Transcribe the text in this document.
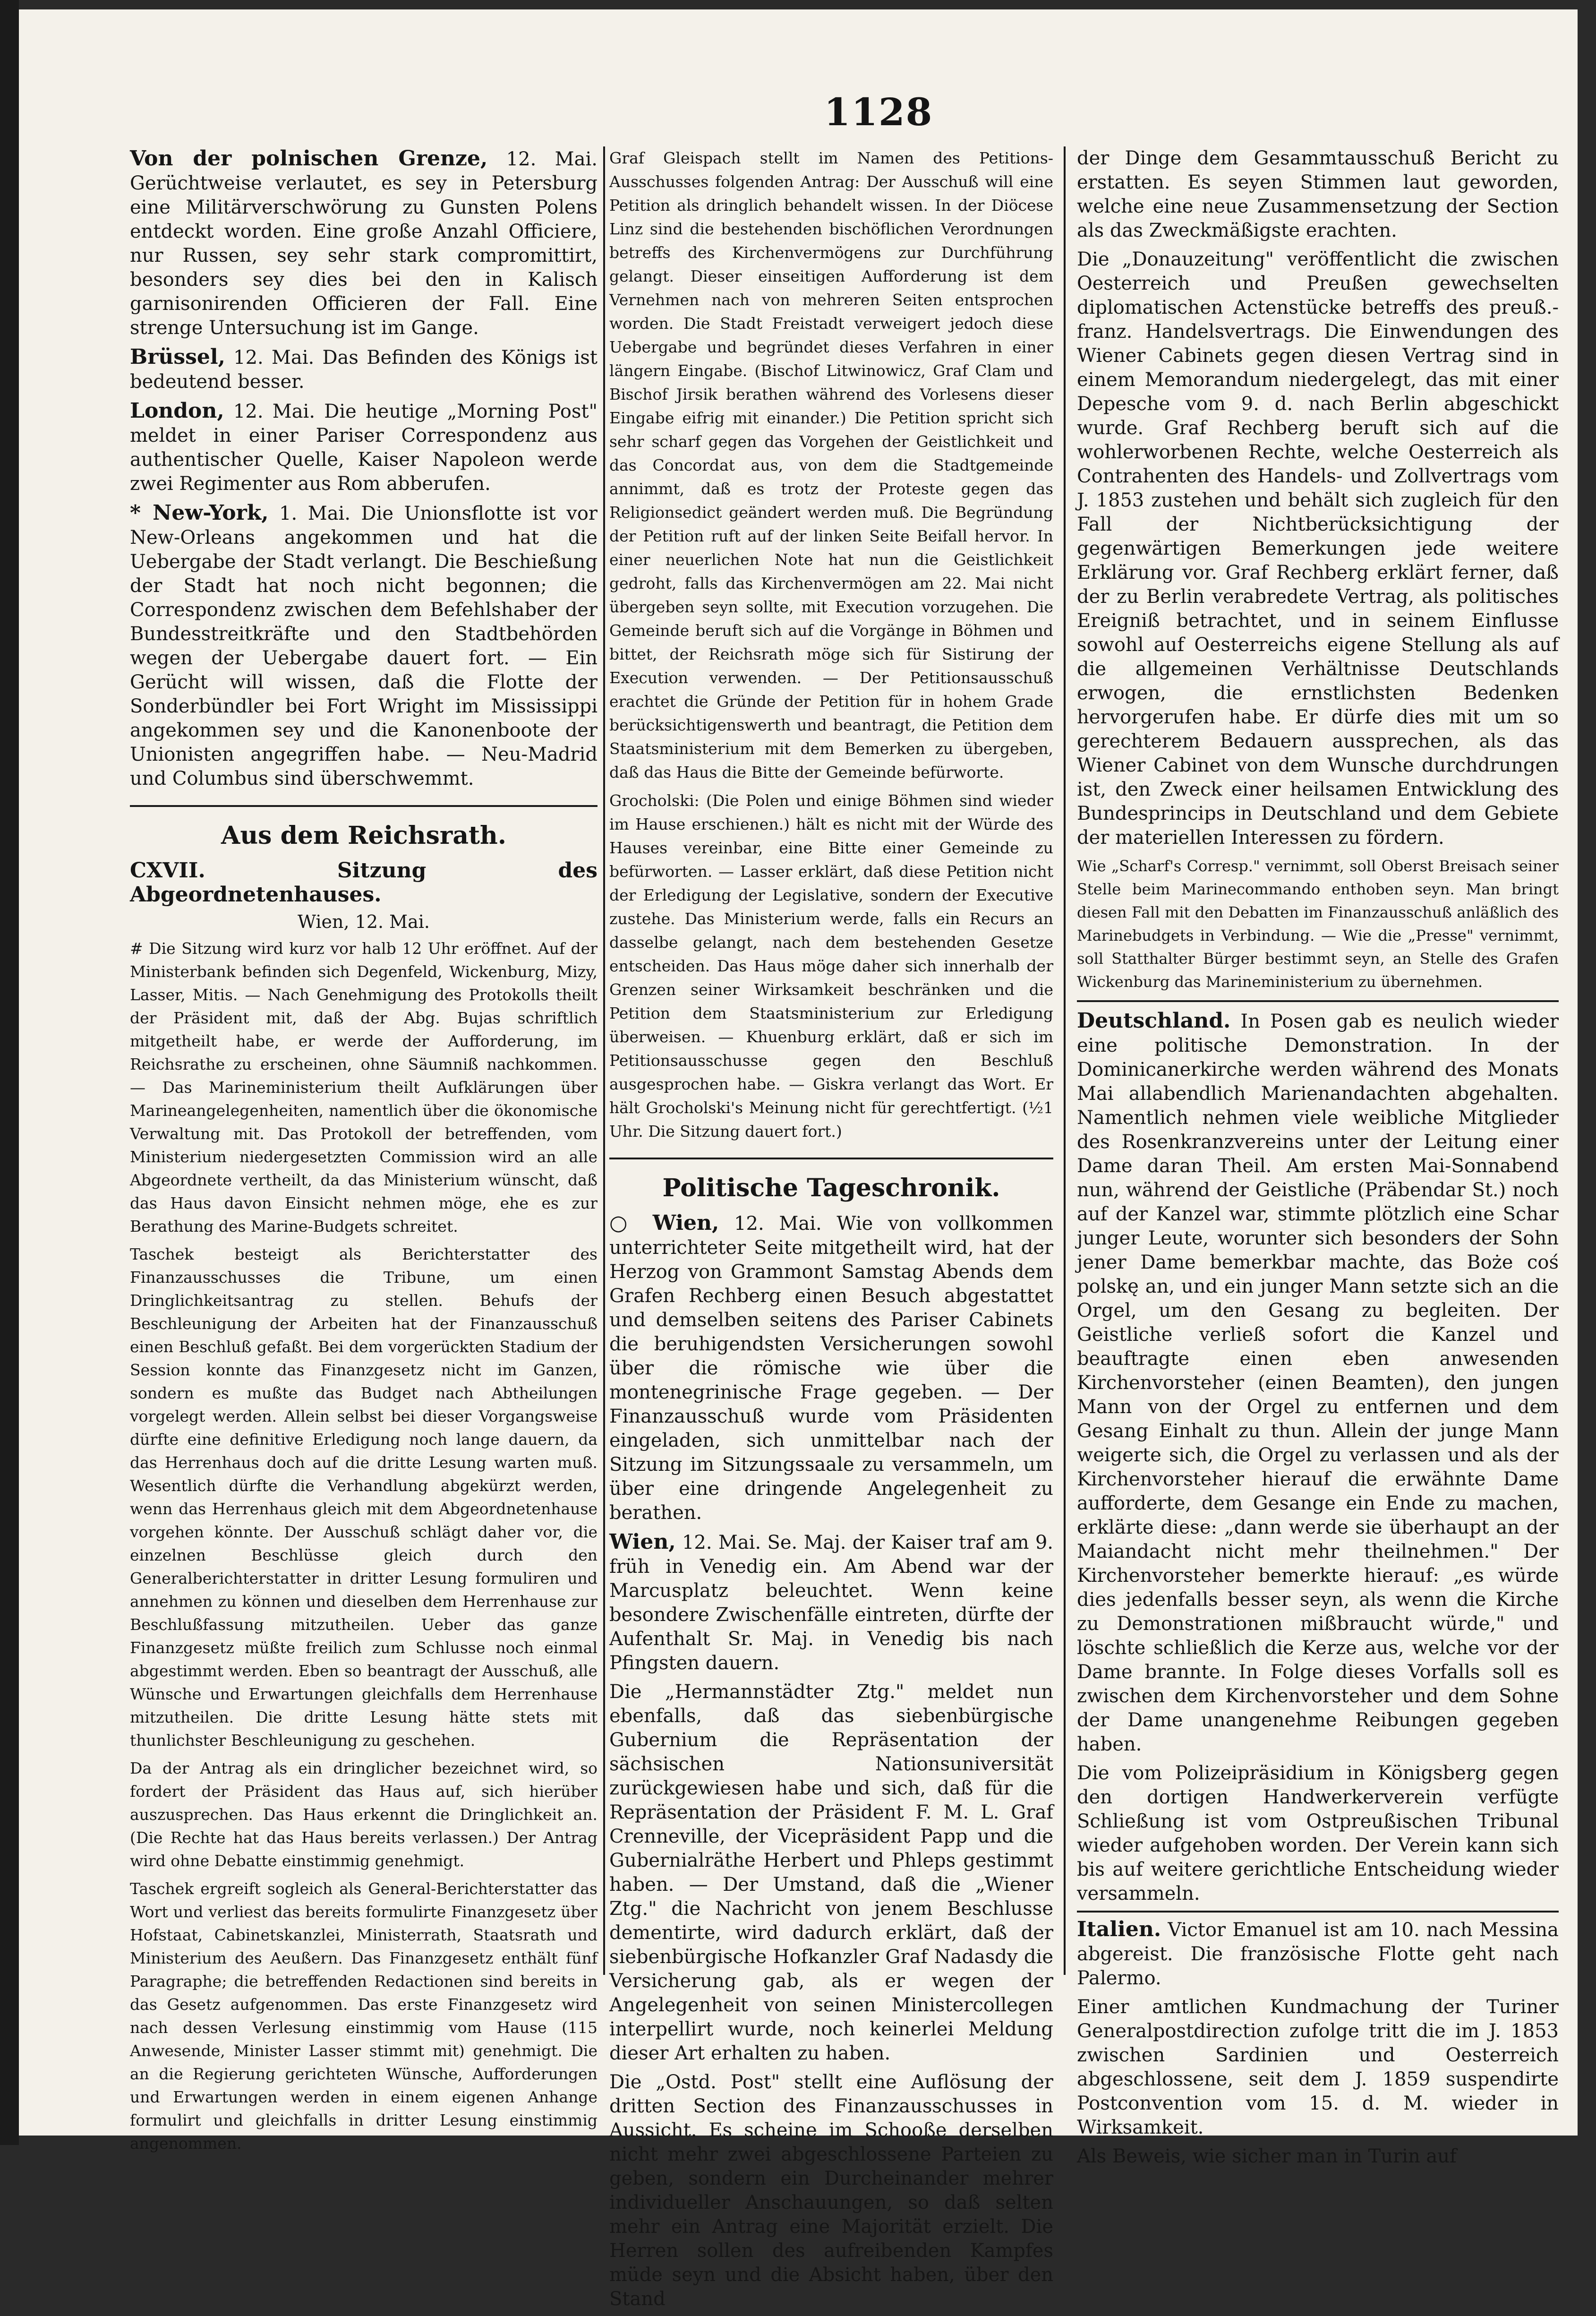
1128

Von der polnischen Grenze, 12. Mai. Gerüchtweise verlautet, es sey in Petersburg eine Militärverschwörung zu Gunsten Polens entdeckt worden. Eine große Anzahl Officiere, nur Russen, sey sehr stark compromittirt, besonders sey dies bei den in Kalisch garnisonirenden Officieren der Fall. Eine strenge Untersuchung ist im Gange.

Brüssel, 12. Mai. Das Befinden des Königs ist bedeutend besser.

London, 12. Mai. Die heutige „Morning Post" meldet in einer Pariser Correspondenz aus authentischer Quelle, Kaiser Napoleon werde zwei Regimenter aus Rom abberufen.

* New-York, 1. Mai. Die Unionsflotte ist vor New-Orleans angekommen und hat die Uebergabe der Stadt verlangt. Die Beschießung der Stadt hat noch nicht begonnen; die Correspondenz zwischen dem Befehlshaber der Bundesstreitkräfte und den Stadtbehörden wegen der Uebergabe dauert fort. — Ein Gerücht will wissen, daß die Flotte der Sonderbündler bei Fort Wright im Mississippi angekommen sey und die Kanonenboote der Unionisten angegriffen habe. — Neu-Madrid und Columbus sind überschwemmt.

Aus dem Reichsrath.
CXVII. Sitzung des Abgeordnetenhauses.
Wien, 12. Mai.

# Die Sitzung wird kurz vor halb 12 Uhr eröffnet. Auf der Ministerbank befinden sich Degenfeld, Wickenburg, Mizy, Lasser, Mitis. — Nach Genehmigung des Protokolls theilt der Präsident mit, daß der Abg. Bujas schriftlich mitgetheilt habe, er werde der Aufforderung, im Reichsrathe zu erscheinen, ohne Säumniß nachkommen. — Das Marineministerium theilt Aufklärungen über Marineangelegenheiten, namentlich über die ökonomische Verwaltung mit. Das Protokoll der betreffenden, vom Ministerium niedergesetzten Commission wird an alle Abgeordnete vertheilt, da das Ministerium wünscht, daß das Haus davon Einsicht nehmen möge, ehe es zur Berathung des Marine-Budgets schreitet.

Taschek besteigt als Berichterstatter des Finanzausschusses die Tribune, um einen Dringlichkeitsantrag zu stellen. Behufs der Beschleunigung der Arbeiten hat der Finanzausschuß einen Beschluß gefaßt. Bei dem vorgerückten Stadium der Session konnte das Finanzgesetz nicht im Ganzen, sondern es mußte das Budget nach Abtheilungen vorgelegt werden. Allein selbst bei dieser Vorgangsweise dürfte eine definitive Erledigung noch lange dauern, da das Herrenhaus doch auf die dritte Lesung warten muß. Wesentlich dürfte die Verhandlung abgekürzt werden, wenn das Herrenhaus gleich mit dem Abgeordnetenhause vorgehen könnte. Der Ausschuß schlägt daher vor, die einzelnen Beschlüsse gleich durch den Generalberichterstatter in dritter Lesung formuliren und annehmen zu können und dieselben dem Herrenhause zur Beschlußfassung mitzutheilen. Ueber das ganze Finanzgesetz müßte freilich zum Schlusse noch einmal abgestimmt werden. Eben so beantragt der Ausschuß, alle Wünsche und Erwartungen gleichfalls dem Herrenhause mitzutheilen. Die dritte Lesung hätte stets mit thunlichster Beschleunigung zu geschehen.

Da der Antrag als ein dringlicher bezeichnet wird, so fordert der Präsident das Haus auf, sich hierüber auszusprechen. Das Haus erkennt die Dringlichkeit an. (Die Rechte hat das Haus bereits verlassen.) Der Antrag wird ohne Debatte einstimmig genehmigt.

Taschek ergreift sogleich als General-Berichterstatter das Wort und verliest das bereits formulirte Finanzgesetz über Hofstaat, Cabinetskanzlei, Ministerrath, Staatsrath und Ministerium des Aeußern. Das Finanzgesetz enthält fünf Paragraphe; die betreffenden Redactionen sind bereits in das Gesetz aufgenommen. Das erste Finanzgesetz wird nach dessen Verlesung einstimmig vom Hause (115 Anwesende, Minister Lasser stimmt mit) genehmigt. Die an die Regierung gerichteten Wünsche, Aufforderungen und Erwartungen werden in einem eigenen Anhange formulirt und gleichfalls in dritter Lesung einstimmig angenommen.

Graf Gleispach stellt im Namen des Petitions-Ausschusses folgenden Antrag: Der Ausschuß will eine Petition als dringlich behandelt wissen. In der Diöcese Linz sind die bestehenden bischöflichen Verordnungen betreffs des Kirchenvermögens zur Durchführung gelangt. Dieser einseitigen Aufforderung ist dem Vernehmen nach von mehreren Seiten entsprochen worden. Die Stadt Freistadt verweigert jedoch diese Uebergabe und begründet dieses Verfahren in einer längern Eingabe. (Bischof Litwinowicz, Graf Clam und Bischof Jirsik berathen während des Vorlesens dieser Eingabe eifrig mit einander.) Die Petition spricht sich sehr scharf gegen das Vorgehen der Geistlichkeit und das Concordat aus, von dem die Stadtgemeinde annimmt, daß es trotz der Proteste gegen das Religionsedict geändert werden muß. Die Begründung der Petition ruft auf der linken Seite Beifall hervor. In einer neuerlichen Note hat nun die Geistlichkeit gedroht, falls das Kirchenvermögen am 22. Mai nicht übergeben seyn sollte, mit Execution vorzugehen. Die Gemeinde beruft sich auf die Vorgänge in Böhmen und bittet, der Reichsrath möge sich für Sistirung der Execution verwenden. — Der Petitionsausschuß erachtet die Gründe der Petition für in hohem Grade berücksichtigenswerth und beantragt, die Petition dem Staatsministerium mit dem Bemerken zu übergeben, daß das Haus die Bitte der Gemeinde befürworte.

Grocholski: (Die Polen und einige Böhmen sind wieder im Hause erschienen.) hält es nicht mit der Würde des Hauses vereinbar, eine Bitte einer Gemeinde zu befürworten. — Lasser erklärt, daß diese Petition nicht der Erledigung der Legislative, sondern der Executive zustehe. Das Ministerium werde, falls ein Recurs an dasselbe gelangt, nach dem bestehenden Gesetze entscheiden. Das Haus möge daher sich innerhalb der Grenzen seiner Wirksamkeit beschränken und die Petition dem Staatsministerium zur Erledigung überweisen. — Khuenburg erklärt, daß er sich im Petitionsausschusse gegen den Beschluß ausgesprochen habe. — Giskra verlangt das Wort. Er hält Grocholski's Meinung nicht für gerechtfertigt. (½1 Uhr. Die Sitzung dauert fort.)

Politische Tageschronik.

○ Wien, 12. Mai. Wie von vollkommen unterrichteter Seite mitgetheilt wird, hat der Herzog von Grammont Samstag Abends dem Grafen Rechberg einen Besuch abgestattet und demselben seitens des Pariser Cabinets die beruhigendsten Versicherungen sowohl über die römische wie über die montenegrinische Frage gegeben. — Der Finanzausschuß wurde vom Präsidenten eingeladen, sich unmittelbar nach der Sitzung im Sitzungssaale zu versammeln, um über eine dringende Angelegenheit zu berathen.

Wien, 12. Mai. Se. Maj. der Kaiser traf am 9. früh in Venedig ein. Am Abend war der Marcusplatz beleuchtet. Wenn keine besondere Zwischenfälle eintreten, dürfte der Aufenthalt Sr. Maj. in Venedig bis nach Pfingsten dauern.

Die „Hermannstädter Ztg." meldet nun ebenfalls, daß das siebenbürgische Gubernium die Repräsentation der sächsischen Nationsuniversität zurückgewiesen habe und sich, daß für die Repräsentation der Präsident F. M. L. Graf Crenneville, der Vicepräsident Papp und die Gubernialräthe Herbert und Phleps gestimmt haben. — Der Umstand, daß die „Wiener Ztg." die Nachricht von jenem Beschlusse dementirte, wird dadurch erklärt, daß der siebenbürgische Hofkanzler Graf Nadasdy die Versicherung gab, als er wegen der Angelegenheit von seinen Ministercollegen interpellirt wurde, noch keinerlei Meldung dieser Art erhalten zu haben.

Die „Ostd. Post" stellt eine Auflösung der dritten Section des Finanzausschusses in Aussicht. Es scheine im Schooße derselben nicht mehr zwei abgeschlossene Parteien zu geben, sondern ein Durcheinander mehrer individueller Anschauungen, so daß selten mehr ein Antrag eine Majorität erzielt. Die Herren sollen des aufreibenden Kampfes müde seyn und die Absicht haben, über den Stand

der Dinge dem Gesammtausschuß Bericht zu erstatten. Es seyen Stimmen laut geworden, welche eine neue Zusammensetzung der Section als das Zweckmäßigste erachten.

Die „Donauzeitung" veröffentlicht die zwischen Oesterreich und Preußen gewechselten diplomatischen Actenstücke betreffs des preuß.-franz. Handelsvertrags. Die Einwendungen des Wiener Cabinets gegen diesen Vertrag sind in einem Memorandum niedergelegt, das mit einer Depesche vom 9. d. nach Berlin abgeschickt wurde. Graf Rechberg beruft sich auf die wohlerworbenen Rechte, welche Oesterreich als Contrahenten des Handels- und Zollvertrags vom J. 1853 zustehen und behält sich zugleich für den Fall der Nichtberücksichtigung der gegenwärtigen Bemerkungen jede weitere Erklärung vor. Graf Rechberg erklärt ferner, daß der zu Berlin verabredete Vertrag, als politisches Ereigniß betrachtet, und in seinem Einflusse sowohl auf Oesterreichs eigene Stellung als auf die allgemeinen Verhältnisse Deutschlands erwogen, die ernstlichsten Bedenken hervorgerufen habe. Er dürfe dies mit um so gerechterem Bedauern aussprechen, als das Wiener Cabinet von dem Wunsche durchdrungen ist, den Zweck einer heilsamen Entwicklung des Bundesprincips in Deutschland und dem Gebiete der materiellen Interessen zu fördern.

Wie „Scharf's Corresp." vernimmt, soll Oberst Breisach seiner Stelle beim Marinecommando enthoben seyn. Man bringt diesen Fall mit den Debatten im Finanzausschuß anläßlich des Marinebudgets in Verbindung. — Wie die „Presse" vernimmt, soll Statthalter Bürger bestimmt seyn, an Stelle des Grafen Wickenburg das Marineministerium zu übernehmen.

Deutschland. In Posen gab es neulich wieder eine politische Demonstration. In der Dominicanerkirche werden während des Monats Mai allabendlich Marienandachten abgehalten. Namentlich nehmen viele weibliche Mitglieder des Rosenkranzvereins unter der Leitung einer Dame daran Theil. Am ersten Mai-Sonnabend nun, während der Geistliche (Präbendar St.) noch auf der Kanzel war, stimmte plötzlich eine Schar junger Leute, worunter sich besonders der Sohn jener Dame bemerkbar machte, das Boże coś polskę an, und ein junger Mann setzte sich an die Orgel, um den Gesang zu begleiten. Der Geistliche verließ sofort die Kanzel und beauftragte einen eben anwesenden Kirchenvorsteher (einen Beamten), den jungen Mann von der Orgel zu entfernen und dem Gesang Einhalt zu thun. Allein der junge Mann weigerte sich, die Orgel zu verlassen und als der Kirchenvorsteher hierauf die erwähnte Dame aufforderte, dem Gesange ein Ende zu machen, erklärte diese: „dann werde sie überhaupt an der Maiandacht nicht mehr theilnehmen." Der Kirchenvorsteher bemerkte hierauf: „es würde dies jedenfalls besser seyn, als wenn die Kirche zu Demonstrationen mißbraucht würde," und löschte schließlich die Kerze aus, welche vor der Dame brannte. In Folge dieses Vorfalls soll es zwischen dem Kirchenvorsteher und dem Sohne der Dame unangenehme Reibungen gegeben haben.

Die vom Polizeipräsidium in Königsberg gegen den dortigen Handwerkerverein verfügte Schließung ist vom Ostpreußischen Tribunal wieder aufgehoben worden. Der Verein kann sich bis auf weitere gerichtliche Entscheidung wieder versammeln.

Italien. Victor Emanuel ist am 10. nach Messina abgereist. Die französische Flotte geht nach Palermo.

Einer amtlichen Kundmachung der Turiner Generalpostdirection zufolge tritt die im J. 1853 zwischen Sardinien und Oesterreich abgeschlossene, seit dem J. 1859 suspendirte Postconvention vom 15. d. M. wieder in Wirksamkeit.

Als Beweis, wie sicher man in Turin auf
